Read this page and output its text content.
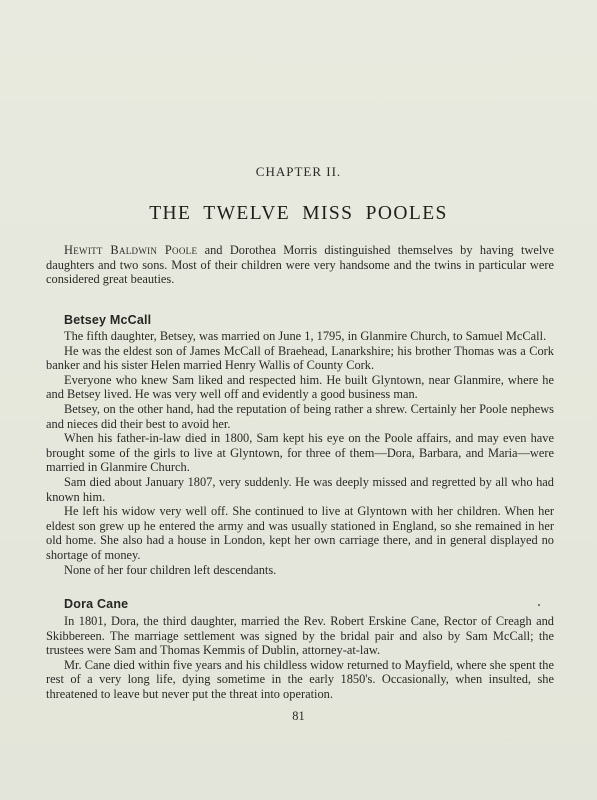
CHAPTER II.
THE TWELVE MISS POOLES

Hewitt Baldwin Poole and Dorothea Morris distinguished themselves by having twelve daughters and two sons. Most of their children were very handsome and the twins in particular were considered great beauties.

Betsey McCall

The fifth daughter, Betsey, was married on June 1, 1795, in Glanmire Church, to Samuel McCall.

He was the eldest son of James McCall of Braehead, Lanarkshire; his brother Thomas was a Cork banker and his sister Helen married Henry Wallis of County Cork.

Everyone who knew Sam liked and respected him. He built Glyntown, near Glanmire, where he and Betsey lived. He was very well off and evidently a good business man.

Betsey, on the other hand, had the reputation of being rather a shrew. Certainly her Poole nephews and nieces did their best to avoid her.

When his father-in-law died in 1800, Sam kept his eye on the Poole affairs, and may even have brought some of the girls to live at Glyntown, for three of them—Dora, Barbara, and Maria—were married in Glanmire Church.

Sam died about January 1807, very suddenly. He was deeply missed and regretted by all who had known him.

He left his widow very well off. She continued to live at Glyntown with her children. When her eldest son grew up he entered the army and was usually stationed in England, so she remained in her old home. She also had a house in London, kept her own carriage there, and in general displayed no shortage of money.

None of her four children left descendants.

Dora Cane

In 1801, Dora, the third daughter, married the Rev. Robert Erskine Cane, Rector of Creagh and Skibbereen. The marriage settlement was signed by the bridal pair and also by Sam McCall; the trustees were Sam and Thomas Kemmis of Dublin, attorney-at-law.

Mr. Cane died within five years and his childless widow returned to Mayfield, where she spent the rest of a very long life, dying sometime in the early 1850's. Occasionally, when insulted, she threatened to leave but never put the threat into operation.

81
